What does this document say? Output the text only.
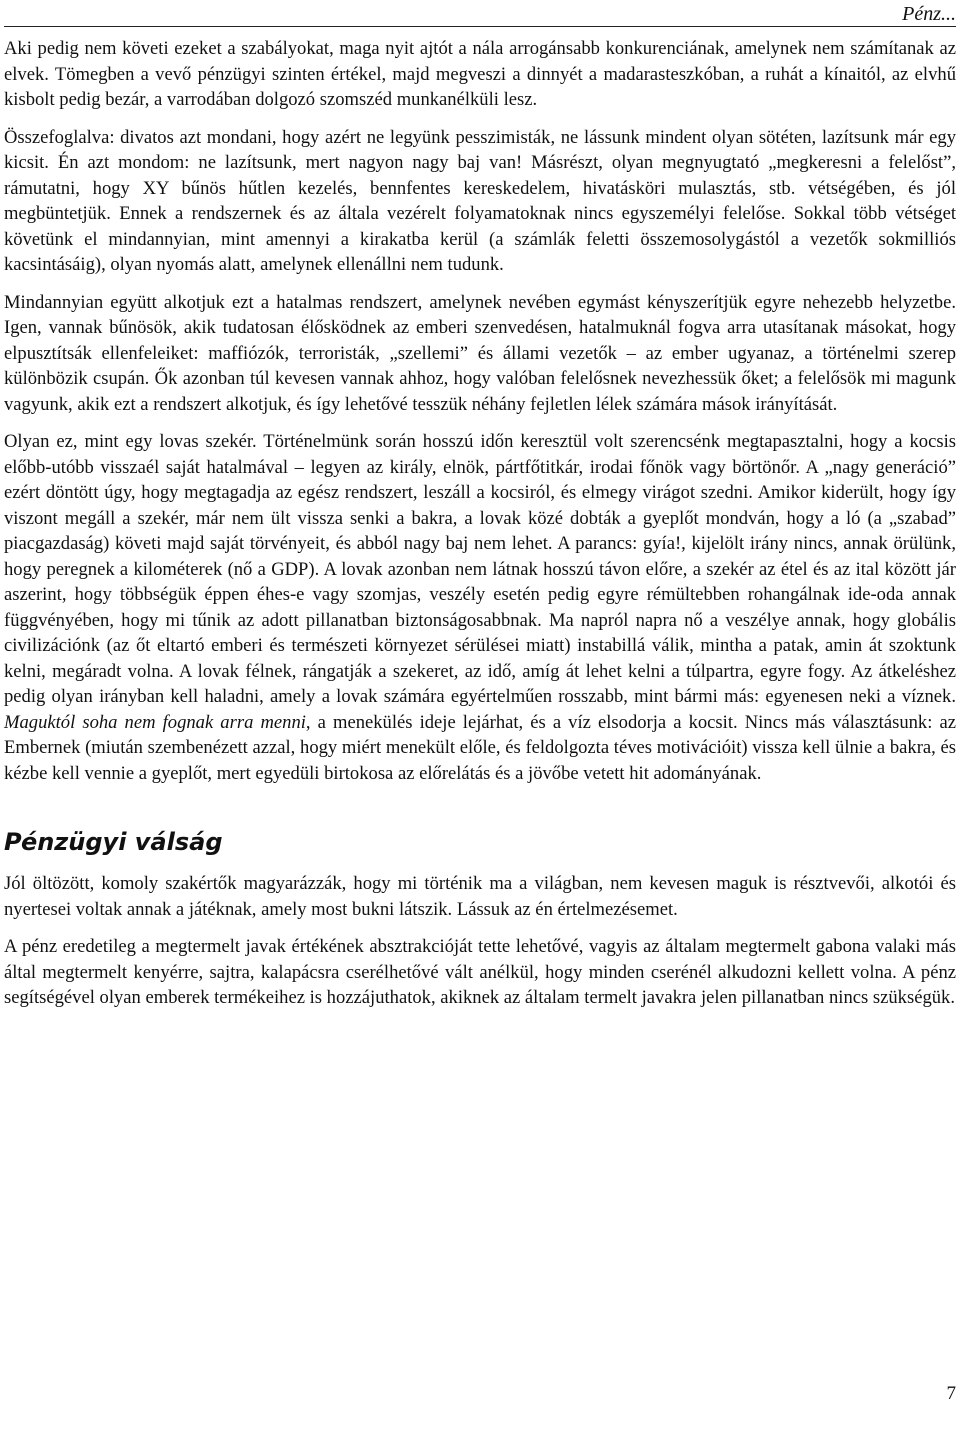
Pénz...

Aki pedig nem követi ezeket a szabályokat, maga nyit ajtót a nála arrogánsabb konkurenciának, amelynek nem számítanak az elvek. Tömegben a vevő pénzügyi szinten értékel, majd megveszi a dinnyét a madarasteszkóban, a ruhát a kínaitól, az elvhű kisbolt pedig bezár, a varrodában dolgozó szomszéd munkanélküli lesz.

Összefoglalva: divatos azt mondani, hogy azért ne legyünk pesszimisták, ne lássunk mindent olyan sötéten, lazítsunk már egy kicsit. Én azt mondom: ne lazítsunk, mert nagyon nagy baj van! Másrészt, olyan megnyugtató „megkeresni a felelőst”, rámutatni, hogy XY bűnös hűtlen kezelés, bennfentes kereskedelem, hivatásköri mulasztás, stb. vétségében, és jól megbüntetjük. Ennek a rendszernek és az általa vezérelt folyamatoknak nincs egyszemélyi felelőse. Sokkal több vétséget követünk el mindannyian, mint amennyi a kirakatba kerül (a számlák feletti összemosolygástól a vezetők sokmilliós kacsintásáig), olyan nyomás alatt, amelynek ellenállni nem tudunk.

Mindannyian együtt alkotjuk ezt a hatalmas rendszert, amelynek nevében egymást kényszerítjük egyre nehezebb helyzetbe. Igen, vannak bűnösök, akik tudatosan élősködnek az emberi szenvedésen, hatalmuknál fogva arra utasítanak másokat, hogy elpusztítsák ellenfeleiket: maffiózók, terroristák, „szellemi” és állami vezetők – az ember ugyanaz, a történelmi szerep különbözik csupán. Ők azonban túl kevesen vannak ahhoz, hogy valóban felelősnek nevezhessük őket; a felelősök mi magunk vagyunk, akik ezt a rendszert alkotjuk, és így lehetővé tesszük néhány fejletlen lélek számára mások irányítását.

Olyan ez, mint egy lovas szekér. Történelmünk során hosszú időn keresztül volt szerencsénk megtapasztalni, hogy a kocsis előbb-utóbb visszaél saját hatalmával – legyen az király, elnök, pártfőtitkár, irodai főnök vagy börtönőr. A „nagy generáció” ezért döntött úgy, hogy megtagadja az egész rendszert, leszáll a kocsiról, és elmegy virágot szedni. Amikor kiderült, hogy így viszont megáll a szekér, már nem ült vissza senki a bakra, a lovak közé dobták a gyeplőt mondván, hogy a ló (a „szabad” piacgazdaság) követi majd saját törvényeit, és abból nagy baj nem lehet. A parancs: gyía!, kijelölt irány nincs, annak örülünk, hogy peregnek a kilométerek (nő a GDP). A lovak azonban nem látnak hosszú távon előre, a szekér az étel és az ital között jár aszerint, hogy többségük éppen éhes-e vagy szomjas, veszély esetén pedig egyre rémültebben rohangálnak ide-oda annak függvényében, hogy mi tűnik az adott pillanatban biztonságosabbnak. Ma napról napra nő a veszélye annak, hogy globális civilizációnk (az őt eltartó emberi és természeti környezet sérülései miatt) instabillá válik, mintha a patak, amin át szoktunk kelni, megáradt volna. A lovak félnek, rángatják a szekeret, az idő, amíg át lehet kelni a túlpartra, egyre fogy. Az átkeléshez pedig olyan irányban kell haladni, amely a lovak számára egyértelműen rosszabb, mint bármi más: egyenesen neki a víznek. Maguktól soha nem fognak arra menni, a menekülés ideje lejárhat, és a víz elsodorja a kocsit. Nincs más választásunk: az Embernek (miután szembenézett azzal, hogy miért menekült előle, és feldolgozta téves motivációit) vissza kell ülnie a bakra, és kézbe kell vennie a gyeplőt, mert egyedüli birtokosa az előrelátás és a jövőbe vetett hit adományának.

Pénzügyi válság

Jól öltözött, komoly szakértők magyarázzák, hogy mi történik ma a világban, nem kevesen maguk is résztvevői, alkotói és nyertesei voltak annak a játéknak, amely most bukni látszik. Lássuk az én értelmezésemet.

A pénz eredetileg a megtermelt javak értékének absztrakcióját tette lehetővé, vagyis az általam megtermelt gabona valaki más által megtermelt kenyérre, sajtra, kalapácsra cserélhetővé vált anélkül, hogy minden cserénél alkudozni kellett volna. A pénz segítségével olyan emberek termékeihez is hozzájuthatok, akiknek az általam termelt javakra jelen pillanatban nincs szükségük.

7
